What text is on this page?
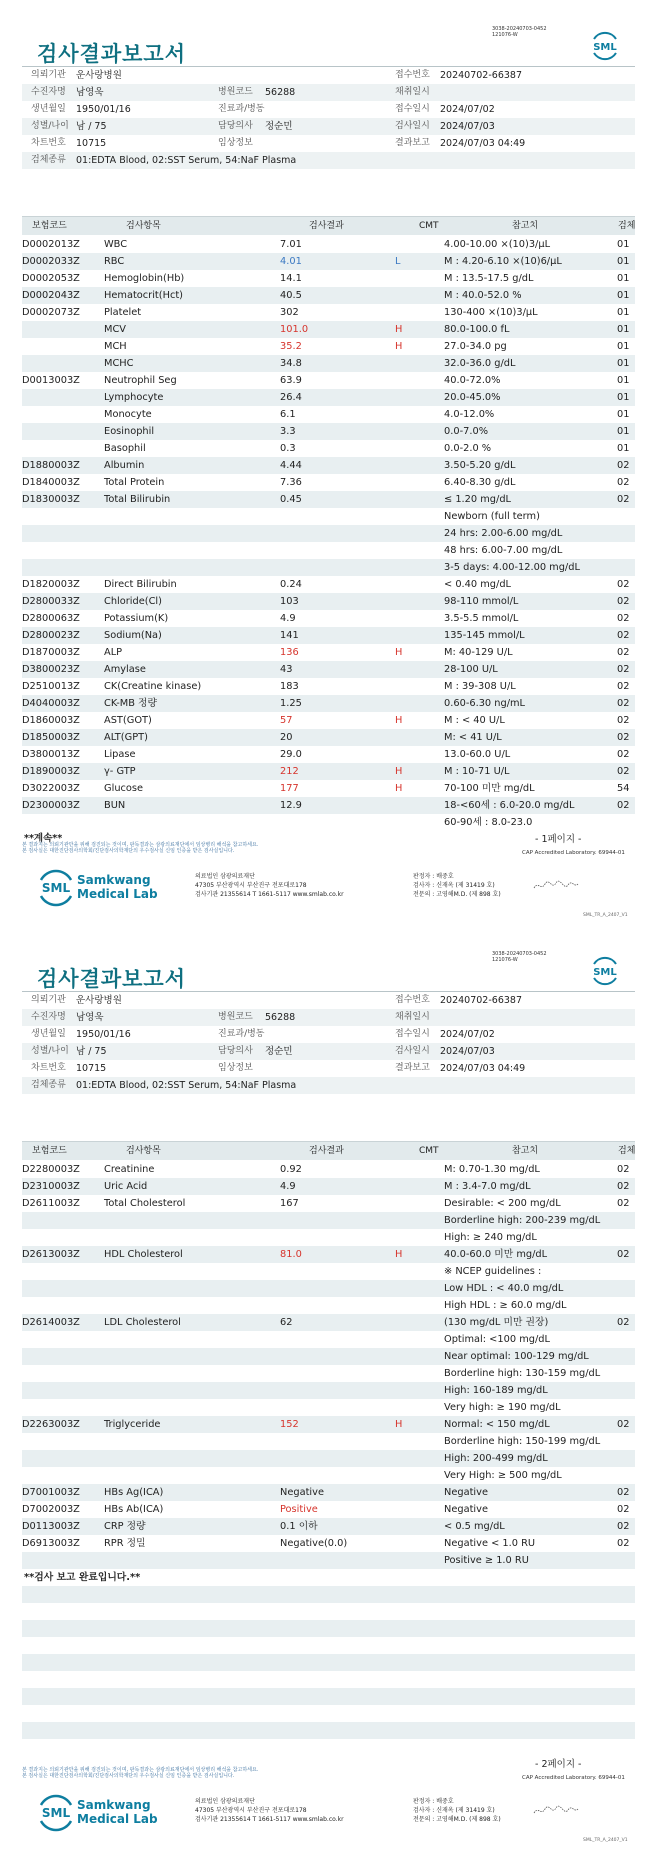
3038-20240703-0452
121076-W
검사결과보고서	SML
의뢰기관 운사랑병원	접수번호 20240702-66387
수진자명 남영욱	병원코드 56288	채취일시
생년월일 1950/01/16	진료과/병동	접수일시 2024/07/02
성별/나이 남 / 75	담당의사 정순민	검사일시 2024/07/03
차트번호 10715	임상정보	결과보고 2024/07/03 04:49
검체종류 01:EDTA Blood, 02:SST Serum, 54:NaF Plasma
보험코드	검사항목	검사결과	CMT	참고치	검체
D0002013Z WBC	7.01	4.00-10.00 ×(10)3/μL	01
D0002033Z RBC	4.01	L	M : 4.20-6.10 ×(10)6/μL	01
D0002053Z Hemoglobin(Hb)	14.1	M : 13.5-17.5 g/dL	01
D0002043Z Hematocrit(Hct)	40.5	M : 40.0-52.0 %	01
D0002073Z Platelet	302	130-400 ×(10)3/μL	01
MCV	101.0	H	80.0-100.0 fL	01
MCH	35.2	H	27.0-34.0 pg	01
MCHC	34.8	32.0-36.0 g/dL	01
D0013003Z Neutrophil Seg	63.9	40.0-72.0%	01
Lymphocyte	26.4	20.0-45.0%	01
Monocyte	6.1	4.0-12.0%	01
Eosinophil	3.3	0.0-7.0%	01
Basophil	0.3	0.0-2.0 %	01
D1880003Z Albumin	4.44	3.50-5.20 g/dL	02
D1840003Z Total Protein	7.36	6.40-8.30 g/dL	02
D1830003Z Total Bilirubin	0.45	≤ 1.20 mg/dL	02
Newborn (full term)
24 hrs: 2.00-6.00 mg/dL
48 hrs: 6.00-7.00 mg/dL
3-5 days: 4.00-12.00 mg/dL
D1820003Z Direct Bilirubin	0.24	< 0.40 mg/dL	02
D2800033Z Chloride(Cl)	103	98-110 mmol/L	02
D2800063Z Potassium(K)	4.9	3.5-5.5 mmol/L	02
D2800023Z Sodium(Na)	141	135-145 mmol/L	02
D1870003Z ALP	136	H	M: 40-129 U/L	02
D3800023Z Amylase	43	28-100 U/L	02
D2510013Z CK(Creatine kinase)	183	M : 39-308 U/L	02
D4040003Z CK-MB 정량	1.25	0.60-6.30 ng/mL	02
D1860003Z AST(GOT)	57	H	M : < 40 U/L	02
D1850003Z ALT(GPT)	20	M: < 41 U/L	02
D3800013Z Lipase	29.0	13.0-60.0 U/L	02
D1890003Z γ- GTP	212	H	M : 10-71 U/L	02
D3022003Z Glucose	177	H	70-100 미만 mg/dL	54
D2300003Z BUN	12.9	18-<60세 : 6.0-20.0 mg/dL	02
60-90세 : 8.0-23.0
**계속**	- 1페이지 -
본 결과지는 의뢰기관만을 위해 검진되는 것이며, 판독결과는 삼광의료재단에서 임상병리 해석을 참고하세요.
본 검사실은 대한진단검사의학회/진단검사의학재단의 우수검사실 신임 인증을 받은 검사실입니다.	CAP Accredited Laboratory. 69944-01
SML
Samkwang
Medical Lab
의료법인 삼광의료재단
47305 부산광역시 부산진구 전포대로178
검사기관 21355614 T 1661-5117 www.smlab.co.kr
판정자 : 배중호
검사자 : 신재옥 (제 31419 호)
전문의 : 고영해M.D. (제 898 호)
SML_TR_A_2407_V1
3038-20240703-0452
121076-W
검사결과보고서	SML
의뢰기관 운사랑병원	접수번호 20240702-66387
수진자명 남영욱	병원코드 56288	채취일시
생년월일 1950/01/16	진료과/병동	접수일시 2024/07/02
성별/나이 남 / 75	담당의사 정순민	검사일시 2024/07/03
차트번호 10715	임상정보	결과보고 2024/07/03 04:49
검체종류 01:EDTA Blood, 02:SST Serum, 54:NaF Plasma
보험코드	검사항목	검사결과	CMT	참고치	검체
D2280003Z Creatinine	0.92	M: 0.70-1.30 mg/dL	02
D2310003Z Uric Acid	4.9	M : 3.4-7.0 mg/dL	02
D2611003Z Total Cholesterol	167	Desirable: < 200 mg/dL	02
Borderline high: 200-239 mg/dL
High: ≥ 240 mg/dL
D2613003Z HDL Cholesterol	81.0	H	40.0-60.0 미만 mg/dL	02
※ NCEP guidelines :
Low HDL : < 40.0 mg/dL
High HDL : ≥ 60.0 mg/dL
D2614003Z LDL Cholesterol	62	(130 mg/dL 미만 권장)	02
Optimal: <100 mg/dL
Near optimal: 100-129 mg/dL
Borderline high: 130-159 mg/dL
High: 160-189 mg/dL
Very high: ≥ 190 mg/dL
D2263003Z Triglyceride	152	H	Normal: < 150 mg/dL	02
Borderline high: 150-199 mg/dL
High: 200-499 mg/dL
Very High: ≥ 500 mg/dL
D7001003Z HBs Ag(ICA)	Negative	Negative	02
D7002003Z HBs Ab(ICA)	Positive	Negative	02
D0113003Z CRP 정량	0.1 이하	< 0.5 mg/dL	02
D6913003Z RPR 정밀	Negative(0.0)	Negative < 1.0 RU	02
Positive ≥ 1.0 RU
**검사 보고 완료입니다.**
- 2페이지 -
본 결과지는 의뢰기관만을 위해 검진되는 것이며, 판독결과는 삼광의료재단에서 임상병리 해석을 참고하세요.
본 검사실은 대한진단검사의학회/진단검사의학재단의 우수검사실 신임 인증을 받은 검사실입니다.	CAP Accredited Laboratory. 69944-01
SML
Samkwang
Medical Lab
의료법인 삼광의료재단
47305 부산광역시 부산진구 전포대로178
검사기관 21355614 T 1661-5117 www.smlab.co.kr
판정자 : 배중호
검사자 : 신재옥 (제 31419 호)
전문의 : 고영해M.D. (제 898 호)
SML_TR_A_2407_V1
